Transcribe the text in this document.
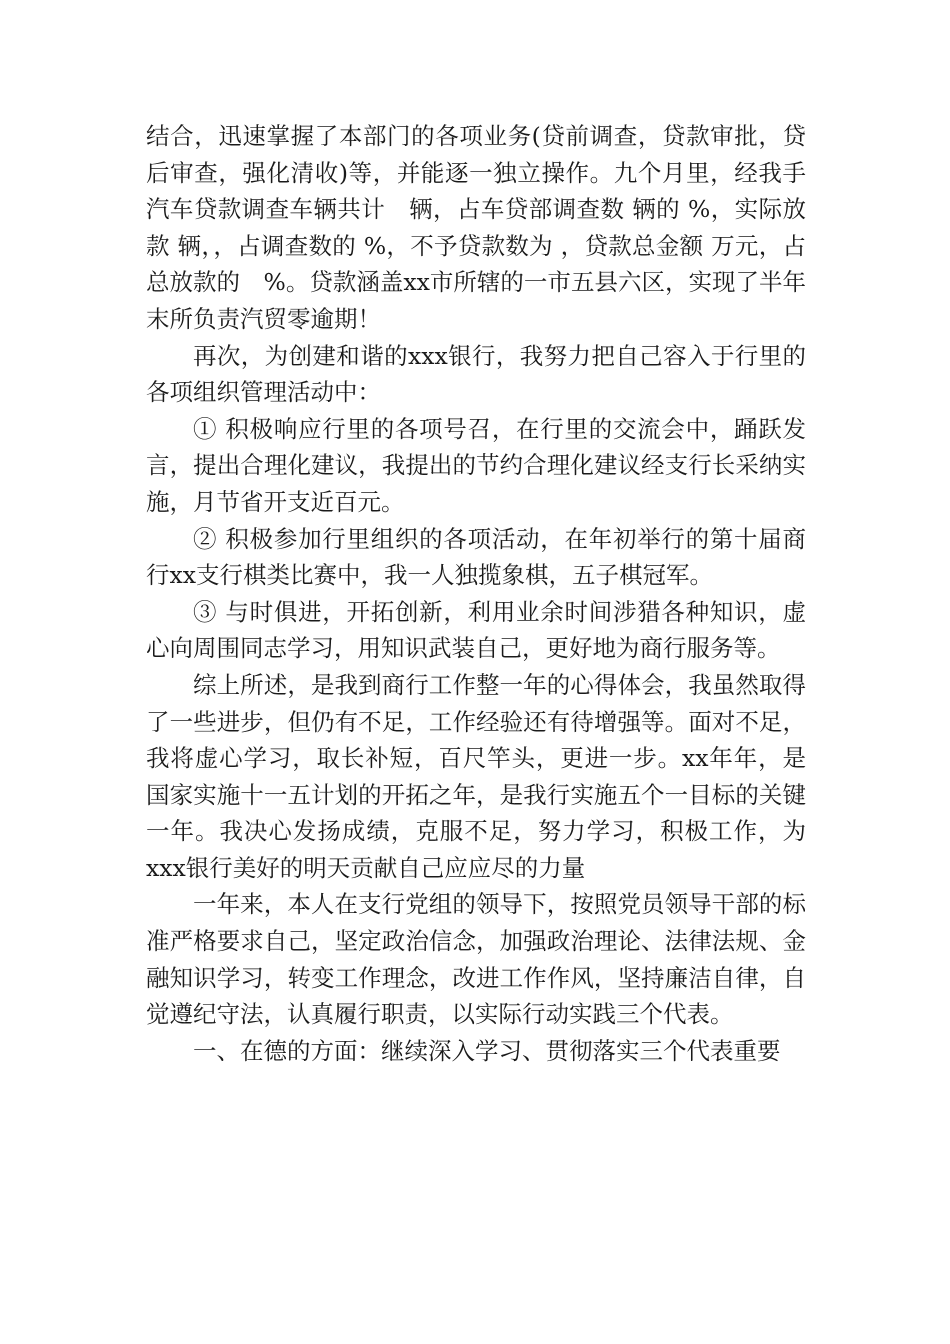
结合，迅速掌握了本部门的各项业务(贷前调查，贷款审批，贷后审查，强化清收)等，并能逐一独立操作。九个月里，经我手汽车贷款调查车辆共计　辆，占车贷部调查数 辆的 %，实际放款 辆，，占调查数的 %，不予贷款数为 ，贷款总金额 万元，占总放款的　%。贷款涵盖xx市所辖的一市五县六区，实现了半年末所负责汽贸零逾期！

再次，为创建和谐的xxx银行，我努力把自己容入于行里的各项组织管理活动中：

① 积极响应行里的各项号召，在行里的交流会中，踊跃发言，提出合理化建议，我提出的节约合理化建议经支行长采纳实施，月节省开支近百元。

② 积极参加行里组织的各项活动，在年初举行的第十届商行xx支行棋类比赛中，我一人独揽象棋，五子棋冠军。

③ 与时俱进，开拓创新，利用业余时间涉猎各种知识，虚心向周围同志学习，用知识武装自己，更好地为商行服务等。

综上所述，是我到商行工作整一年的心得体会，我虽然取得了一些进步，但仍有不足，工作经验还有待增强等。面对不足，我将虚心学习，取长补短，百尺竿头，更进一步。xx年年，是国家实施十一五计划的开拓之年，是我行实施五个一目标的关键一年。我决心发扬成绩，克服不足，努力学习，积极工作，为xxx银行美好的明天贡献自己应应尽的力量

一年来，本人在支行党组的领导下，按照党员领导干部的标准严格要求自己，坚定政治信念，加强政治理论、法律法规、金融知识学习，转变工作理念，改进工作作风，坚持廉洁自律，自觉遵纪守法，认真履行职责，以实际行动实践三个代表。

一、在德的方面：继续深入学习、贯彻落实三个代表重要
